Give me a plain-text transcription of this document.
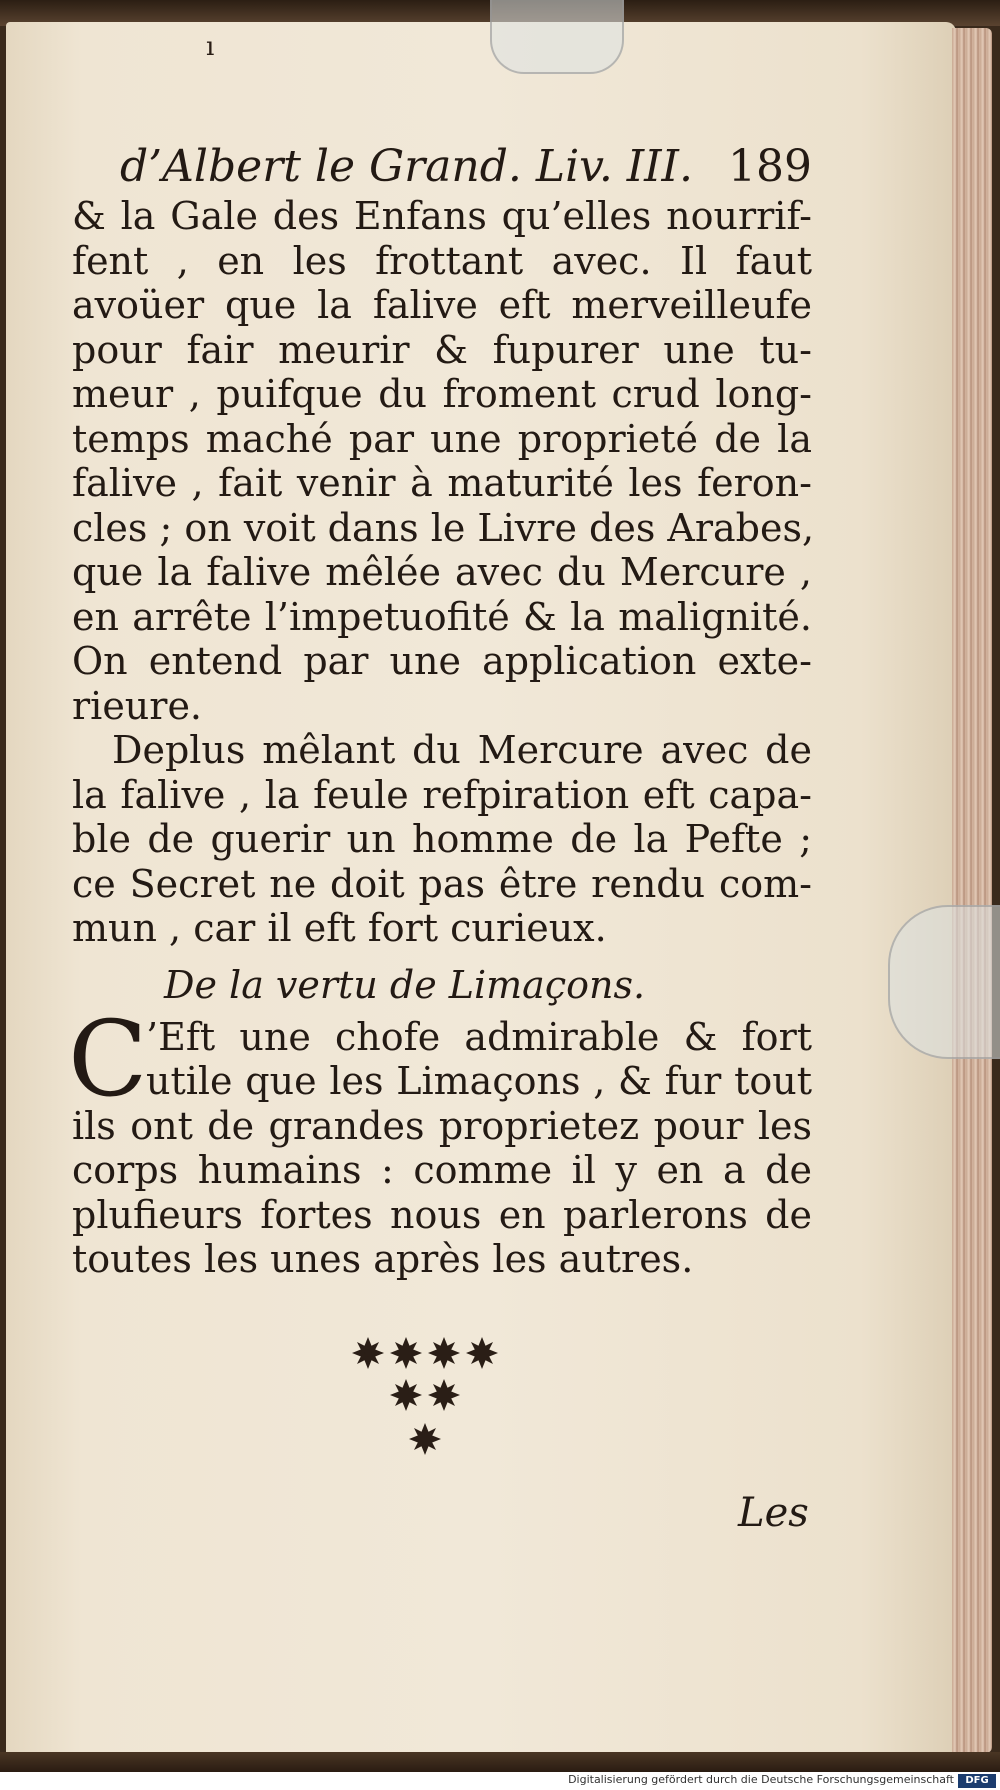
ı
d’Albert le Grand. Liv. III. 189

& la Gale des Enfans qu’elles nourrif-

fent , en les frottant avec. Il faut

avoüer que la falive eft merveilleufe

pour fair meurir & fupurer une tu-

meur , puifque du froment crud long-

temps maché par une proprieté de la

falive , fait venir à maturité les feron-

cles ; on voit dans le Livre des Arabes,

que la falive mêlée avec du Mercure ,

en arrête l’impetuofité & la malignité.

On entend par une application exte-

rieure.

Deplus mêlant du Mercure avec de

la falive , la feule refpiration eft capa-

ble de guerir un homme de la Pefte ;

ce Secret ne doit pas être rendu com-

mun , car il eft fort curieux.

De la vertu de Limaçons.
C

’Eft une chofe admirable & fort

utile que les Limaçons , & fur tout

ils ont de grandes proprietez pour les

corps humains : comme il y en a de

plufieurs fortes nous en parlerons de

toutes les unes après les autres.

Les
Digitalisierung gefördert durch die Deutsche Forschungsgemeinschaft	DFG
